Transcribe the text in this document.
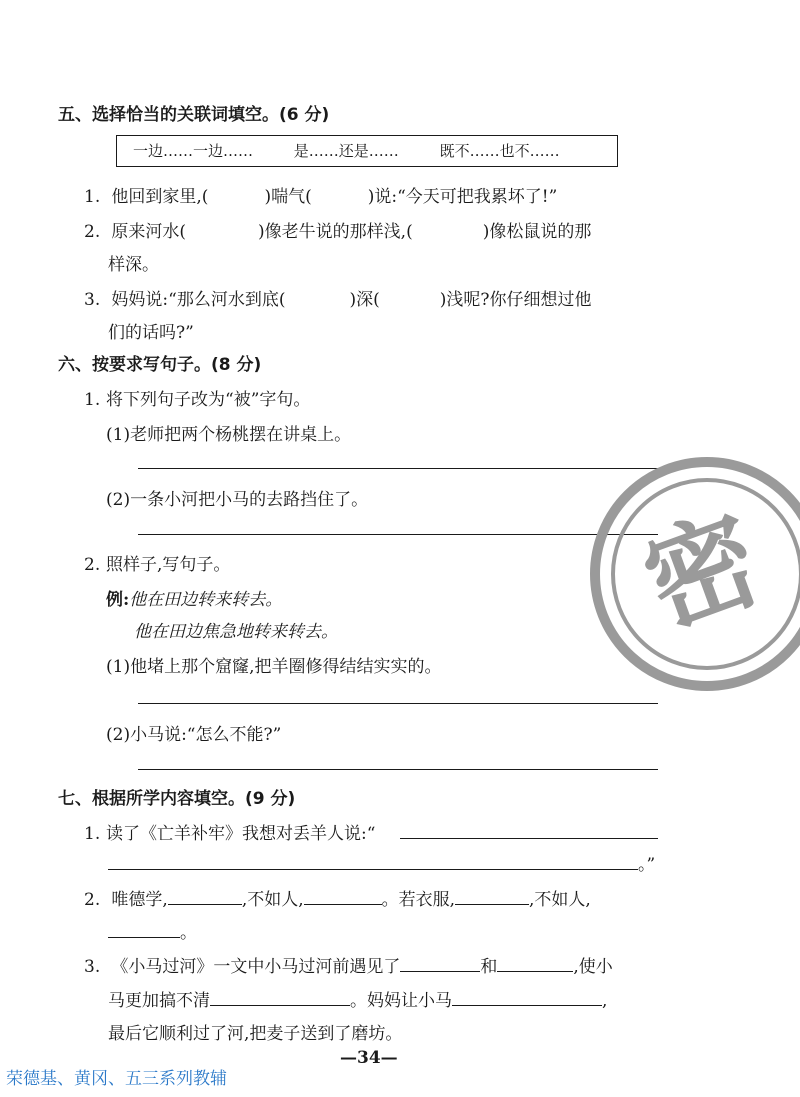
五、选择恰当的关联词填空。(6 分)
一边……一边……	是……还是……	既不……也不……
1. 他回到家里,(	)喘气(	)说:“今天可把我累坏了!”
2. 原来河水(	)像老牛说的那样浅,(	)像松鼠说的那
样深。
3. 妈妈说:“那么河水到底(	)深(	)浅呢?你仔细想过他
们的话吗?”
六、按要求写句子。(8 分)
1. 将下列句子改为“被”字句。
(1)老师把两个杨桃摆在讲桌上。
(2)一条小河把小马的去路挡住了。
2. 照样子,写句子。
例:他在田边转来转去。
他在田边焦急地转来转去。
(1)他堵上那个窟窿,把羊圈修得结结实实的。
(2)小马说:“怎么不能?”
七、根据所学内容填空。(9 分)
1. 读了《亡羊补牢》我想对丢羊人说:“
。”
2. 唯德学,	,不如人,	。若衣服,	,不如人,
。
3. 《小马过河》一文中小马过河前遇见了	和	,使小
马更加搞不清	。妈妈让小马	,
最后它顺利过了河,把麦子送到了磨坊。
—34—
荣德基、黄冈、五三系列教辅
密
